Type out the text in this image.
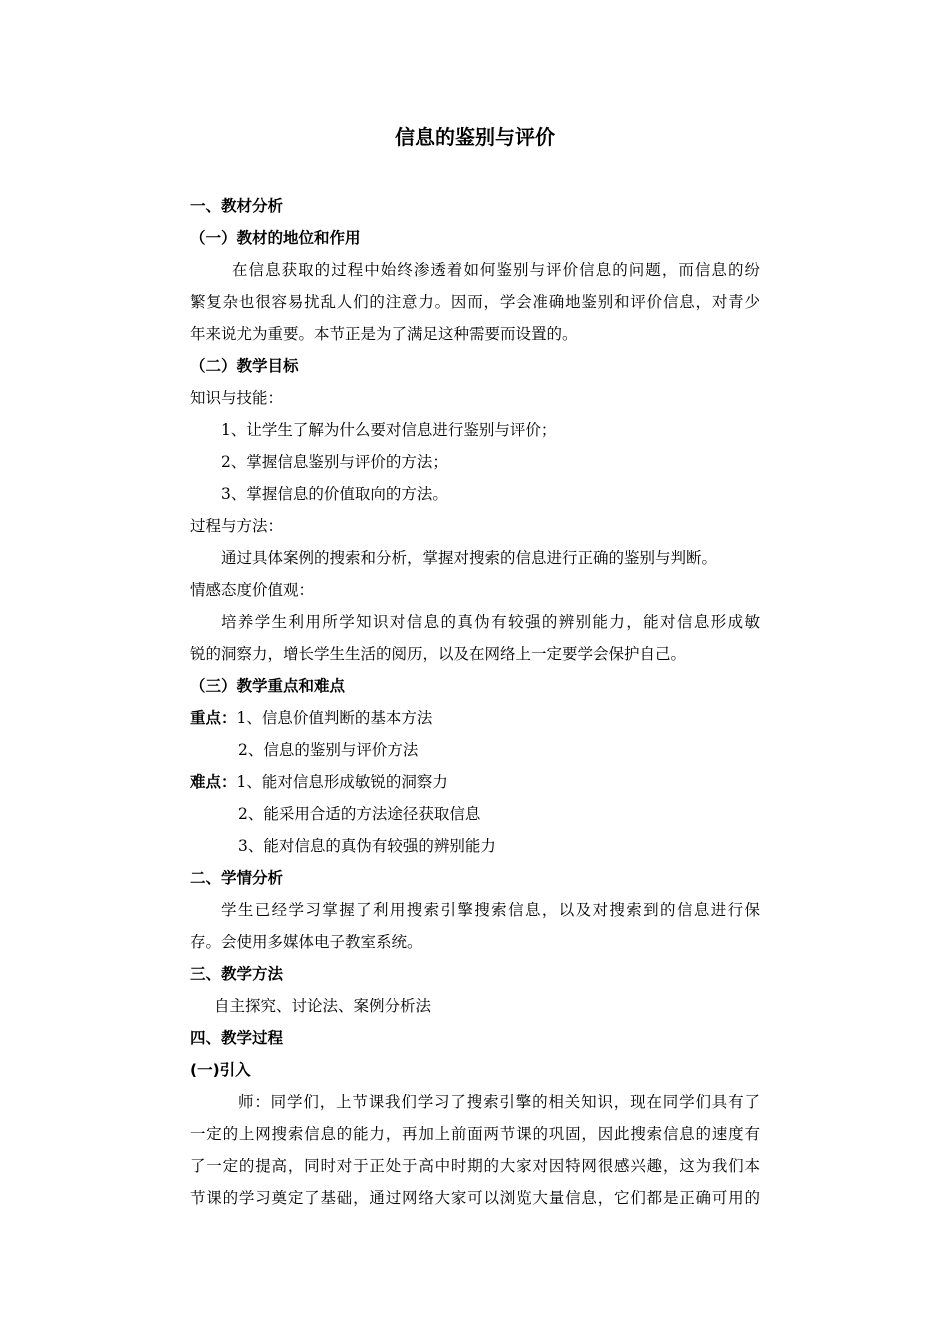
信息的鉴别与评价
一、教材分析
（一）教材的地位和作用
在信息获取的过程中始终渗透着如何鉴别与评价信息的问题，而信息的纷
繁复杂也很容易扰乱人们的注意力。因而，学会准确地鉴别和评价信息，对青少
年来说尤为重要。本节正是为了满足这种需要而设置的。
（二）教学目标
知识与技能：
1、让学生了解为什么要对信息进行鉴别与评价；
2、掌握信息鉴别与评价的方法；
3、掌握信息的价值取向的方法。
过程与方法：
通过具体案例的搜索和分析，掌握对搜索的信息进行正确的鉴别与判断。
情感态度价值观：
培养学生利用所学知识对信息的真伪有较强的辨别能力，能对信息形成敏
锐的洞察力，增长学生生活的阅历，以及在网络上一定要学会保护自己。
（三）教学重点和难点
重点：1、信息价值判断的基本方法
2、信息的鉴别与评价方法
难点：1、能对信息形成敏锐的洞察力
2、能采用合适的方法途径获取信息
3、能对信息的真伪有较强的辨别能力
二、学情分析
学生已经学习掌握了利用搜索引擎搜索信息，以及对搜索到的信息进行保
存。会使用多媒体电子教室系统。
三、教学方法
自主探究、讨论法、案例分析法
四、教学过程
(一)引入
师：同学们，上节课我们学习了搜索引擎的相关知识，现在同学们具有了
一定的上网搜索信息的能力，再加上前面两节课的巩固，因此搜索信息的速度有
了一定的提高，同时对于正处于高中时期的大家对因特网很感兴趣，这为我们本
节课的学习奠定了基础，通过网络大家可以浏览大量信息，它们都是正确可用的
